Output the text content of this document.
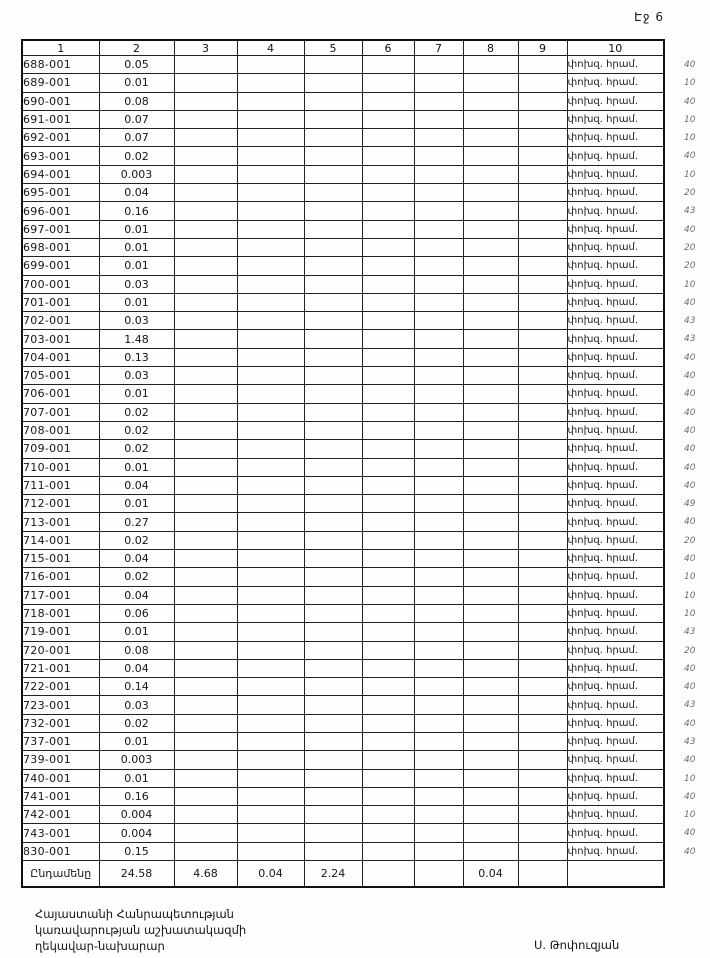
Էջ 6
1	2	3	4	5	6	7	8	9	10
688-001	0.05								փոխզ. հրամ.
689-001	0.01								փոխզ. հրամ.
690-001	0.08								փոխզ. հրամ.
691-001	0.07								փոխզ. հրամ.
692-001	0.07								փոխզ. հրամ.
693-001	0.02								փոխզ. հրամ.
694-001	0.003								փոխզ. հրամ.
695-001	0.04								փոխզ. հրամ.
696-001	0.16								փոխզ. հրամ.
697-001	0.01								փոխզ. հրամ.
698-001	0.01								փոխզ. հրամ.
699-001	0.01								փոխզ. հրամ.
700-001	0.03								փոխզ. հրամ.
701-001	0.01								փոխզ. հրամ.
702-001	0.03								փոխզ. հրամ.
703-001	1.48								փոխզ. հրամ.
704-001	0.13								փոխզ. հրամ.
705-001	0.03								փոխզ. հրամ.
706-001	0.01								փոխզ. հրամ.
707-001	0.02								փոխզ. հրամ.
708-001	0.02								փոխզ. հրամ.
709-001	0.02								փոխզ. հրամ.
710-001	0.01								փոխզ. հրամ.
711-001	0.04								փոխզ. հրամ.
712-001	0.01								փոխզ. հրամ.
713-001	0.27								փոխզ. հրամ.
714-001	0.02								փոխզ. հրամ.
715-001	0.04								փոխզ. հրամ.
716-001	0.02								փոխզ. հրամ.
717-001	0.04								փոխզ. հրամ.
718-001	0.06								փոխզ. հրամ.
719-001	0.01								փոխզ. հրամ.
720-001	0.08								փոխզ. հրամ.
721-001	0.04								փոխզ. հրամ.
722-001	0.14								փոխզ. հրամ.
723-001	0.03								փոխզ. հրամ.
732-001	0.02								փոխզ. հրամ.
737-001	0.01								փոխզ. հրամ.
739-001	0.003								փոխզ. հրամ.
740-001	0.01								փոխզ. հրամ.
741-001	0.16								փոխզ. հրամ.
742-001	0.004								փոխզ. հրամ.
743-001	0.004								փոխզ. հրամ.
830-001	0.15								փոխզ. հրամ.
Ընդամենը	24.58	4.68	0.04	2.24			0.04		
40
10
40
10
10
40
10
20
43
40
20
20
10
40
43
43
40
40
40
40
40
40
40
40
49
40
20
40
10
10
10
43
20
40
40
43
40
43
40
10
40
10
40
40
Հայաստանի Հանրապետության
կառավարության աշխատակազմի
ղեկավար-նախարար	Ս. Թոփուզյան
